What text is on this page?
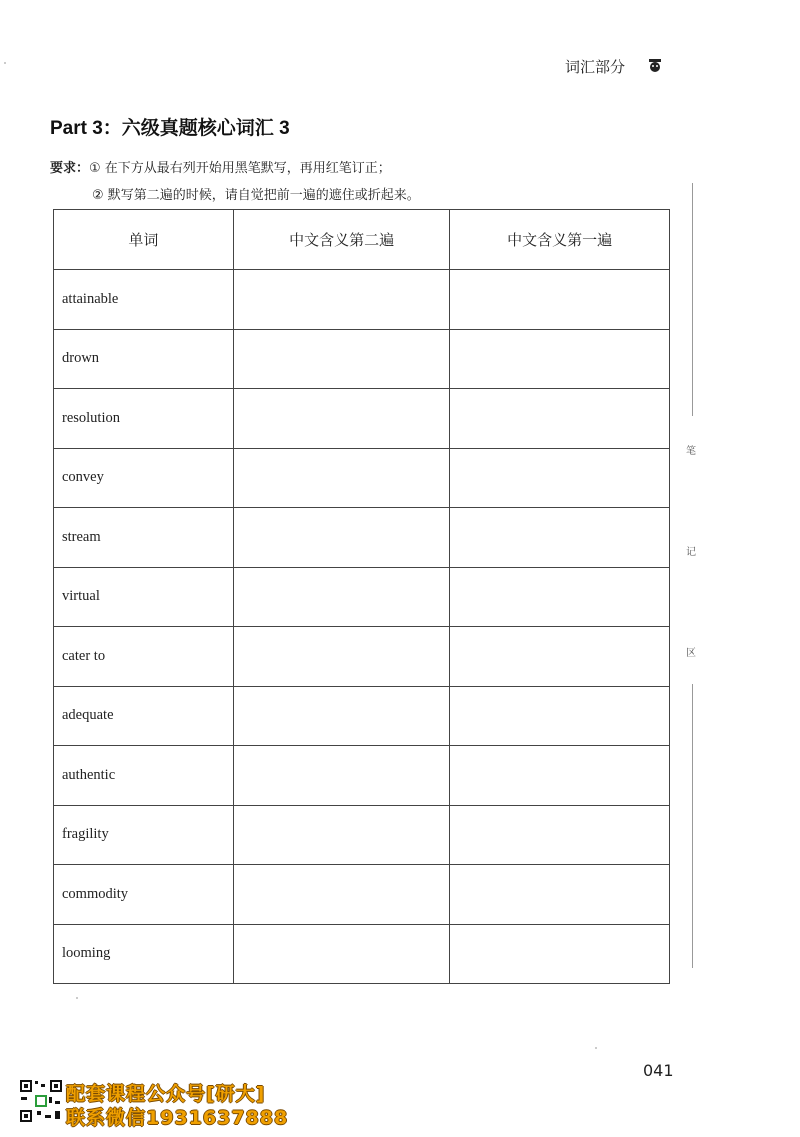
词汇部分
Part 3：六级真题核心词汇 3
要求：① 在下方从最右列开始用黑笔默写，再用红笔订正；
② 默写第二遍的时候，请自觉把前一遍的遮住或折起来。
单词	中文含义第二遍	中文含义第一遍
attainable		
drown		
resolution		
convey		
stream		
virtual		
cater to		
adequate		
authentic		
fragility		
commodity		
looming		
笔
记
区
041
配套课程公众号[研大]
联系微信1931637888
